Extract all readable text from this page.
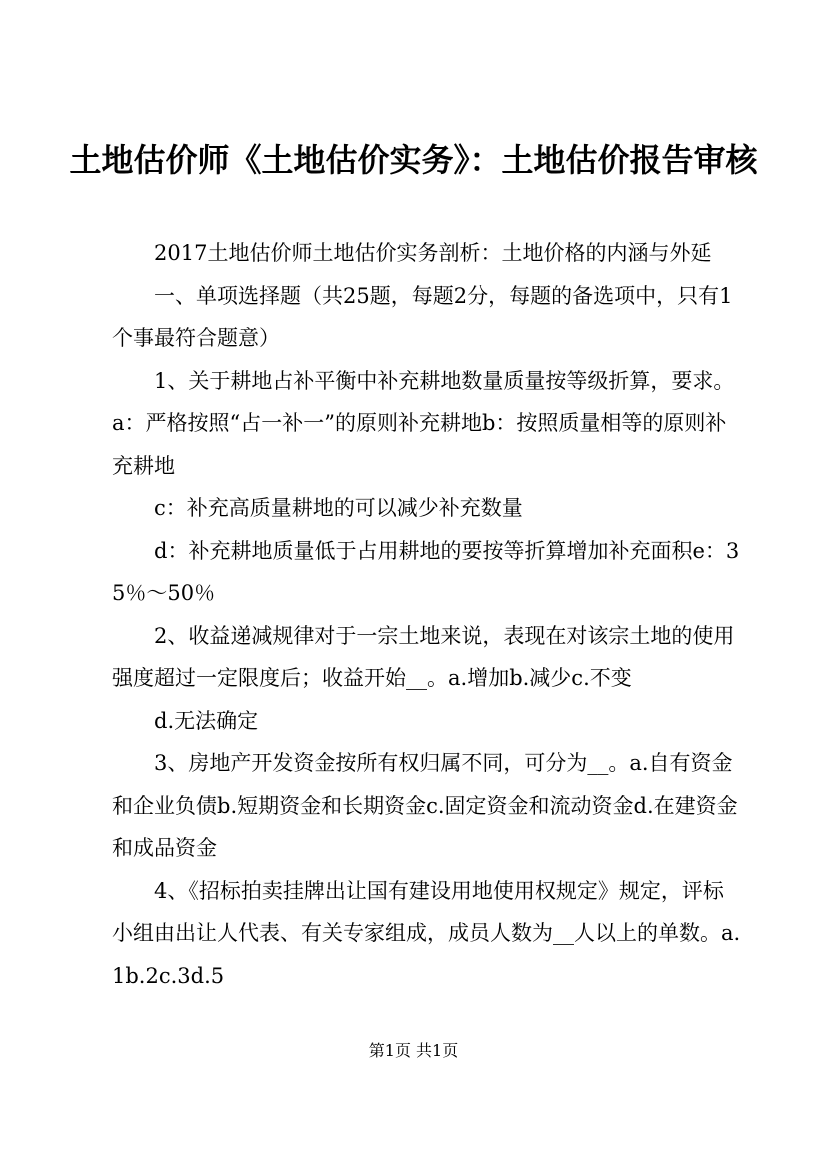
土地估价师《土地估价实务》：土地估价报告审核

2017土地估价师土地估价实务剖析：土地价格的内涵与外延

一、单项选择题（共25题，每题2分，每题的备选项中，只有1个事最符合题意）

1、关于耕地占补平衡中补充耕地数量质量按等级折算，要求。a：严格按照“占一补一”的原则补充耕地b：按照质量相等的原则补充耕地

c：补充高质量耕地的可以减少补充数量

d：补充耕地质量低于占用耕地的要按等折算增加补充面积e：35％～50％

2、收益递减规律对于一宗土地来说，表现在对该宗土地的使用强度超过一定限度后；收益开始__。a.增加b.减少c.不变

d.无法确定

3、房地产开发资金按所有权归属不同，可分为__。a.自有资金和企业负债b.短期资金和长期资金c.固定资金和流动资金d.在建资金和成品资金

4、《招标拍卖挂牌出让国有建设用地使用权规定》规定，评标小组由出让人代表、有关专家组成，成员人数为__人以上的单数。a.1b.2c.3d.5

第1页 共1页
